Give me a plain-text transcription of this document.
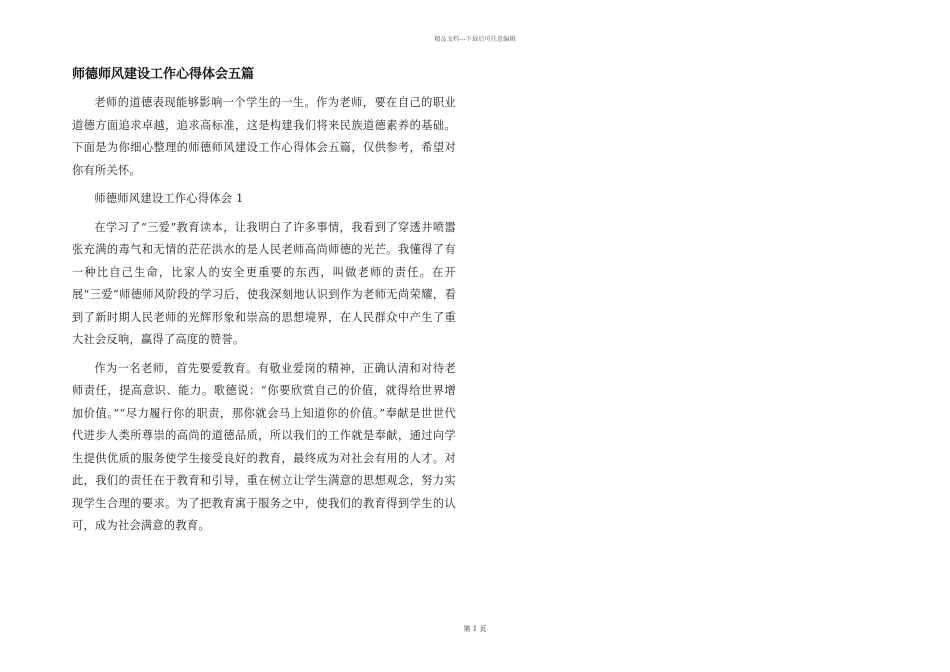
精品文档---下载后可任意编辑
师德师风建设工作心得体会五篇

老师的道德表现能够影响一个学生的一生。作为老师，要在自己的职业道德方面追求卓越，追求高标准，这是构建我们将来民族道德素养的基础。下面是为你细心整理的师德师风建设工作心得体会五篇，仅供参考，希望对你有所关怀。

师德师风建设工作心得体会 1

在学习了“三爱”教育读本，让我明白了许多事情，我看到了穿透井喷嚣张充满的毒气和无情的茫茫洪水的是人民老师高尚师德的光芒。我懂得了有一种比自己生命，比家人的安全更重要的东西，叫做老师的责任。在开展“三爱”师德师风阶段的学习后，使我深刻地认识到作为老师无尚荣耀，看到了新时期人民老师的光辉形象和崇高的思想境界，在人民群众中产生了重大社会反响，赢得了高度的赞誉。

作为一名老师，首先要爱教育。有敬业爱岗的精神，正确认清和对待老师责任，提高意识、能力。歌德说：“你要欣赏自己的价值，就得给世界增加价值。”“尽力履行你的职责，那你就会马上知道你的价值。”奉献是世世代代进步人类所尊崇的高尚的道德品质，所以我们的工作就是奉献，通过向学生提供优质的服务使学生接受良好的教育，最终成为对社会有用的人才。对此，我们的责任在于教育和引导，重在树立让学生满意的思想观念，努力实现学生合理的要求。为了把教育寓于服务之中，使我们的教育得到学生的认可，成为社会满意的教育。

第 1 页
